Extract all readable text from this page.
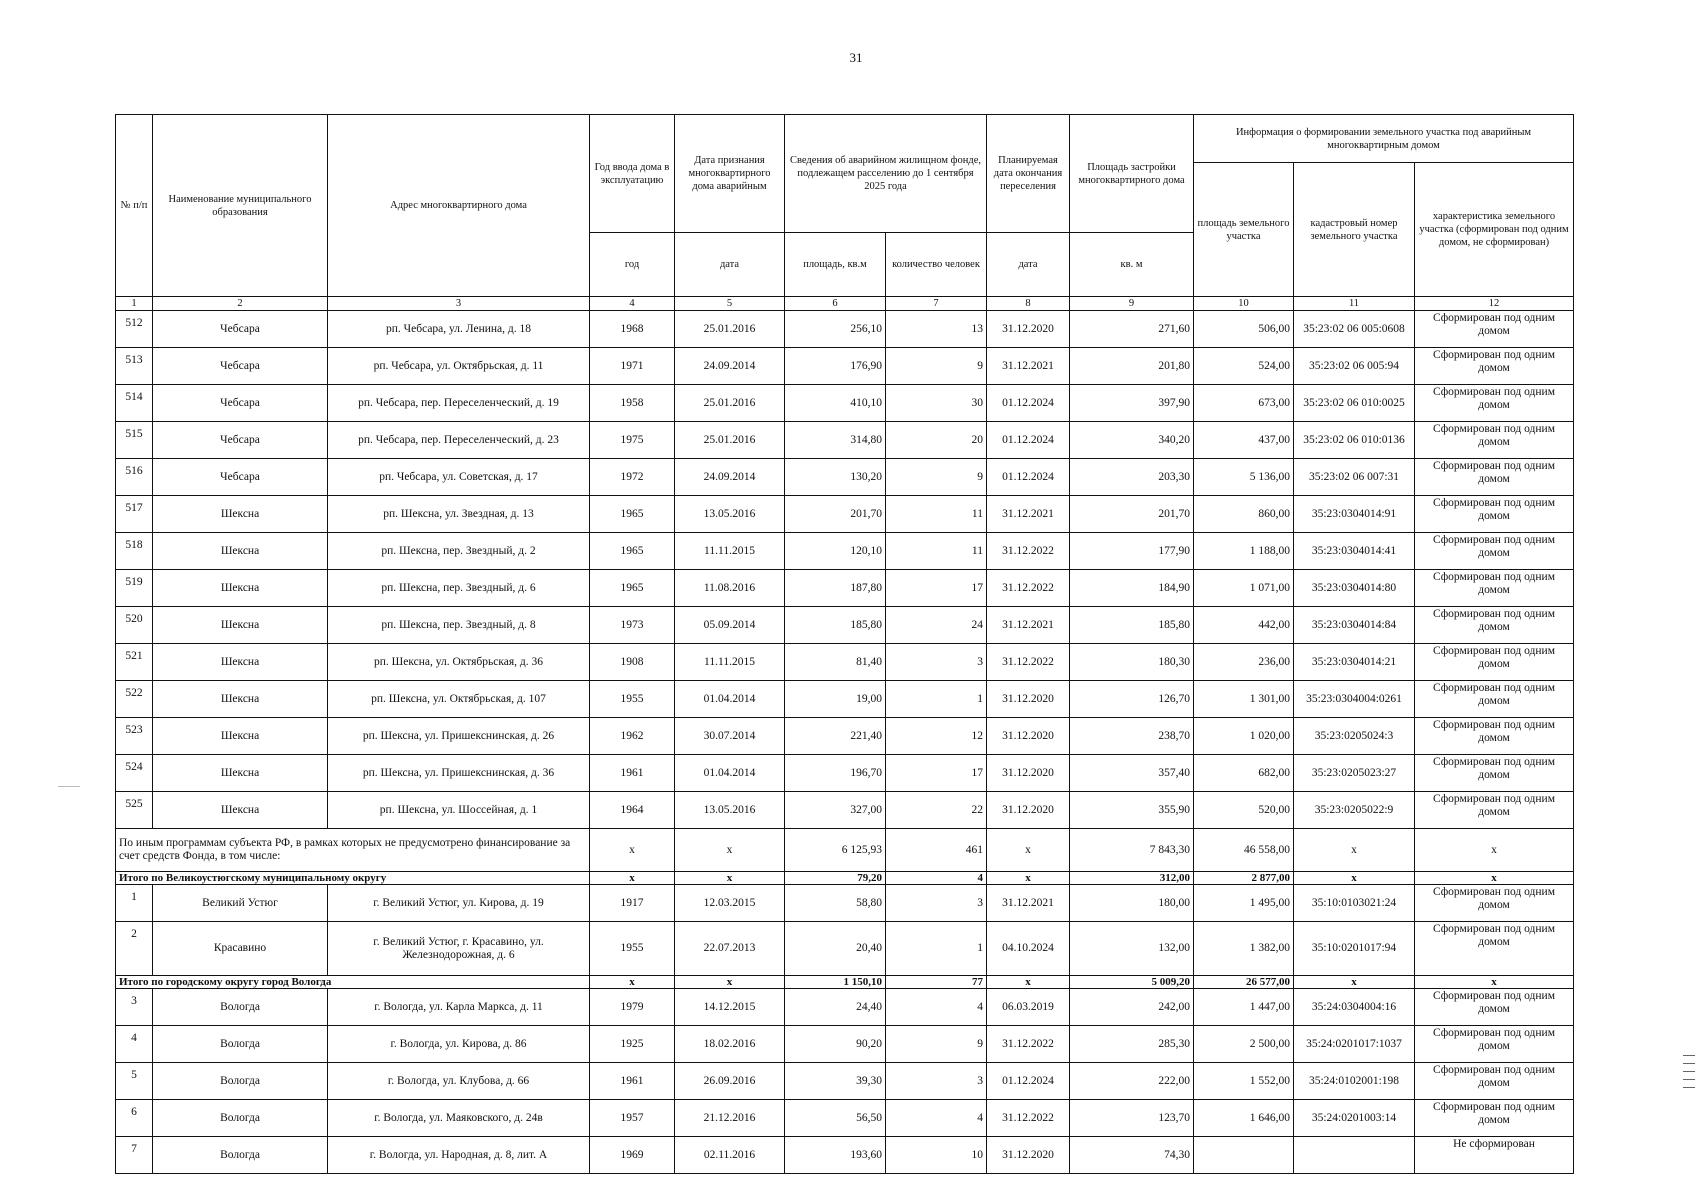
31
№ п/п	Наименование муниципального образования	Адрес многоквартирного дома	Год ввода дома в эксплуатацию	Дата признания многоквартирного дома аварийным	Сведения об аварийном жилищном фонде, подлежащем расселению до 1 сентября 2025 года		Планируемая дата окончания переселения	Площадь застройки многоквартирного дома	Информация о формировании земельного участка под аварийным многоквартирным домом		
									площадь земельного участка	кадастровый номер земельного участка	характеристика земельного участка (сформирован под одним домом, не сформирован)
			год	дата	площадь, кв.м	количество человек	дата	кв. м			
1	2	3	4	5	6	7	8	9	10	11	12
512	Чебсара	рп. Чебсара, ул. Ленина, д. 18	1968	25.01.2016	256,10	13	31.12.2020	271,60	506,00	35:23:02 06 005:0608	Сформирован под одним домом
513	Чебсара	рп. Чебсара, ул. Октябрьская, д. 11	1971	24.09.2014	176,90	9	31.12.2021	201,80	524,00	35:23:02 06 005:94	Сформирован под одним домом
514	Чебсара	рп. Чебсара, пер. Переселенческий, д. 19	1958	25.01.2016	410,10	30	01.12.2024	397,90	673,00	35:23:02 06 010:0025	Сформирован под одним домом
515	Чебсара	рп. Чебсара, пер. Переселенческий, д. 23	1975	25.01.2016	314,80	20	01.12.2024	340,20	437,00	35:23:02 06 010:0136	Сформирован под одним домом
516	Чебсара	рп. Чебсара, ул. Советская, д. 17	1972	24.09.2014	130,20	9	01.12.2024	203,30	5 136,00	35:23:02 06 007:31	Сформирован под одним домом
517	Шексна	рп. Шексна, ул. Звездная, д. 13	1965	13.05.2016	201,70	11	31.12.2021	201,70	860,00	35:23:0304014:91	Сформирован под одним домом
518	Шексна	рп. Шексна, пер. Звездный, д. 2	1965	11.11.2015	120,10	11	31.12.2022	177,90	1 188,00	35:23:0304014:41	Сформирован под одним домом
519	Шексна	рп. Шексна, пер. Звездный, д. 6	1965	11.08.2016	187,80	17	31.12.2022	184,90	1 071,00	35:23:0304014:80	Сформирован под одним домом
520	Шексна	рп. Шексна, пер. Звездный, д. 8	1973	05.09.2014	185,80	24	31.12.2021	185,80	442,00	35:23:0304014:84	Сформирован под одним домом
521	Шексна	рп. Шексна, ул. Октябрьская, д. 36	1908	11.11.2015	81,40	3	31.12.2022	180,30	236,00	35:23:0304014:21	Сформирован под одним домом
522	Шексна	рп. Шексна, ул. Октябрьская, д. 107	1955	01.04.2014	19,00	1	31.12.2020	126,70	1 301,00	35:23:0304004:0261	Сформирован под одним домом
523	Шексна	рп. Шексна, ул. Пришекснинская, д. 26	1962	30.07.2014	221,40	12	31.12.2020	238,70	1 020,00	35:23:0205024:3	Сформирован под одним домом
524	Шексна	рп. Шексна, ул. Пришекснинская, д. 36	1961	01.04.2014	196,70	17	31.12.2020	357,40	682,00	35:23:0205023:27	Сформирован под одним домом
525	Шексна	рп. Шексна, ул. Шоссейная, д. 1	1964	13.05.2016	327,00	22	31.12.2020	355,90	520,00	35:23:0205022:9	Сформирован под одним домом
По иным программам субъекта РФ, в рамках которых не предусмотрено финансирование за счет средств Фонда, в том числе:			x	x	6 125,93	461	x	7 843,30	46 558,00	x	x
Итого по Великоустюгскому муниципальному округу			x	x	79,20	4	x	312,00	2 877,00	x	x
1	Великий Устюг	г. Великий Устюг, ул. Кирова, д. 19	1917	12.03.2015	58,80	3	31.12.2021	180,00	1 495,00	35:10:0103021:24	Сформирован под одним домом
2	Красавино	г. Великий Устюг, г. Красавино, ул. Железнодорожная, д. 6	1955	22.07.2013	20,40	1	04.10.2024	132,00	1 382,00	35:10:0201017:94	Сформирован под одним домом
Итого по городскому округу город Вологда			x	x	1 150,10	77	x	5 009,20	26 577,00	x	x
3	Вологда	г. Вологда, ул. Карла Маркса, д. 11	1979	14.12.2015	24,40	4	06.03.2019	242,00	1 447,00	35:24:0304004:16	Сформирован под одним домом
4	Вологда	г. Вологда, ул. Кирова, д. 86	1925	18.02.2016	90,20	9	31.12.2022	285,30	2 500,00	35:24:0201017:1037	Сформирован под одним домом
5	Вологда	г. Вологда, ул. Клубова, д. 66	1961	26.09.2016	39,30	3	01.12.2024	222,00	1 552,00	35:24:0102001:198	Сформирован под одним домом
6	Вологда	г. Вологда, ул. Маяковского, д. 24в	1957	21.12.2016	56,50	4	31.12.2022	123,70	1 646,00	35:24:0201003:14	Сформирован под одним домом
7	Вологда	г. Вологда, ул. Народная, д. 8, лит. А	1969	02.11.2016	193,60	10	31.12.2020	74,30			Не сформирован
